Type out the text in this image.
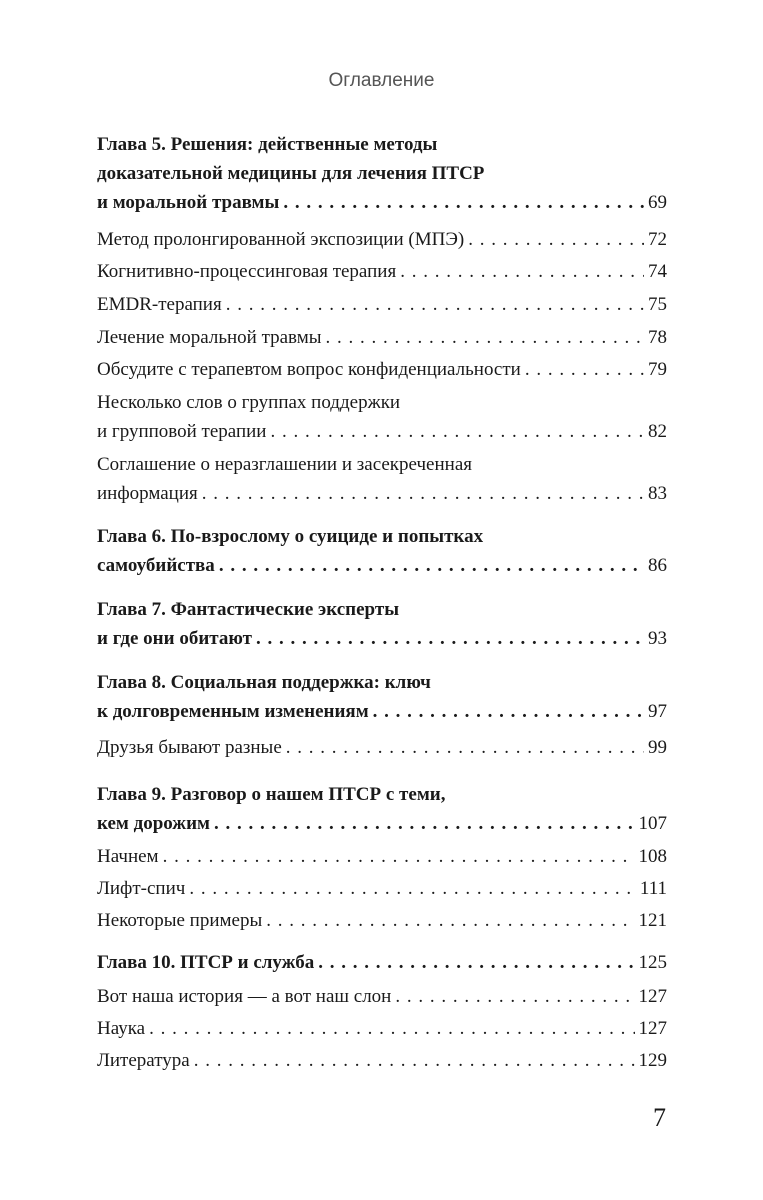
Оглавление
Глава 5. Решения: действенные методы
доказательной медицины для лечения ПТСР
и моральной травмы . . .	69
Метод пролонгированной экспозиции (МПЭ) . . .	72
Когнитивно-процессинговая терапия . . .	74
EMDR-терапия . . .	75
Лечение моральной травмы . . .	78
Обсудите с терапевтом вопрос конфиденциальности . . .	79
Несколько слов о группах поддержки
и групповой терапии . . .	82
Соглашение о неразглашении и засекреченная
информация . . .	83
Глава 6. По-взрослому о суициде и попытках
самоубийства . . .	86
Глава 7. Фантастические эксперты
и где они обитают . . .	93
Глава 8. Социальная поддержка: ключ
к долговременным изменениям . . .	97
Друзья бывают разные . . .	99
Глава 9. Разговор о нашем ПТСР с теми,
кем дорожим . . .	107
Начнем . . .	108
Лифт-спич . . .	111
Некоторые примеры . . .	121
Глава 10. ПТСР и служба . . .	125
Вот наша история — а вот наш слон . . .	127
Наука . . .	127
Литература . . .	129
7
